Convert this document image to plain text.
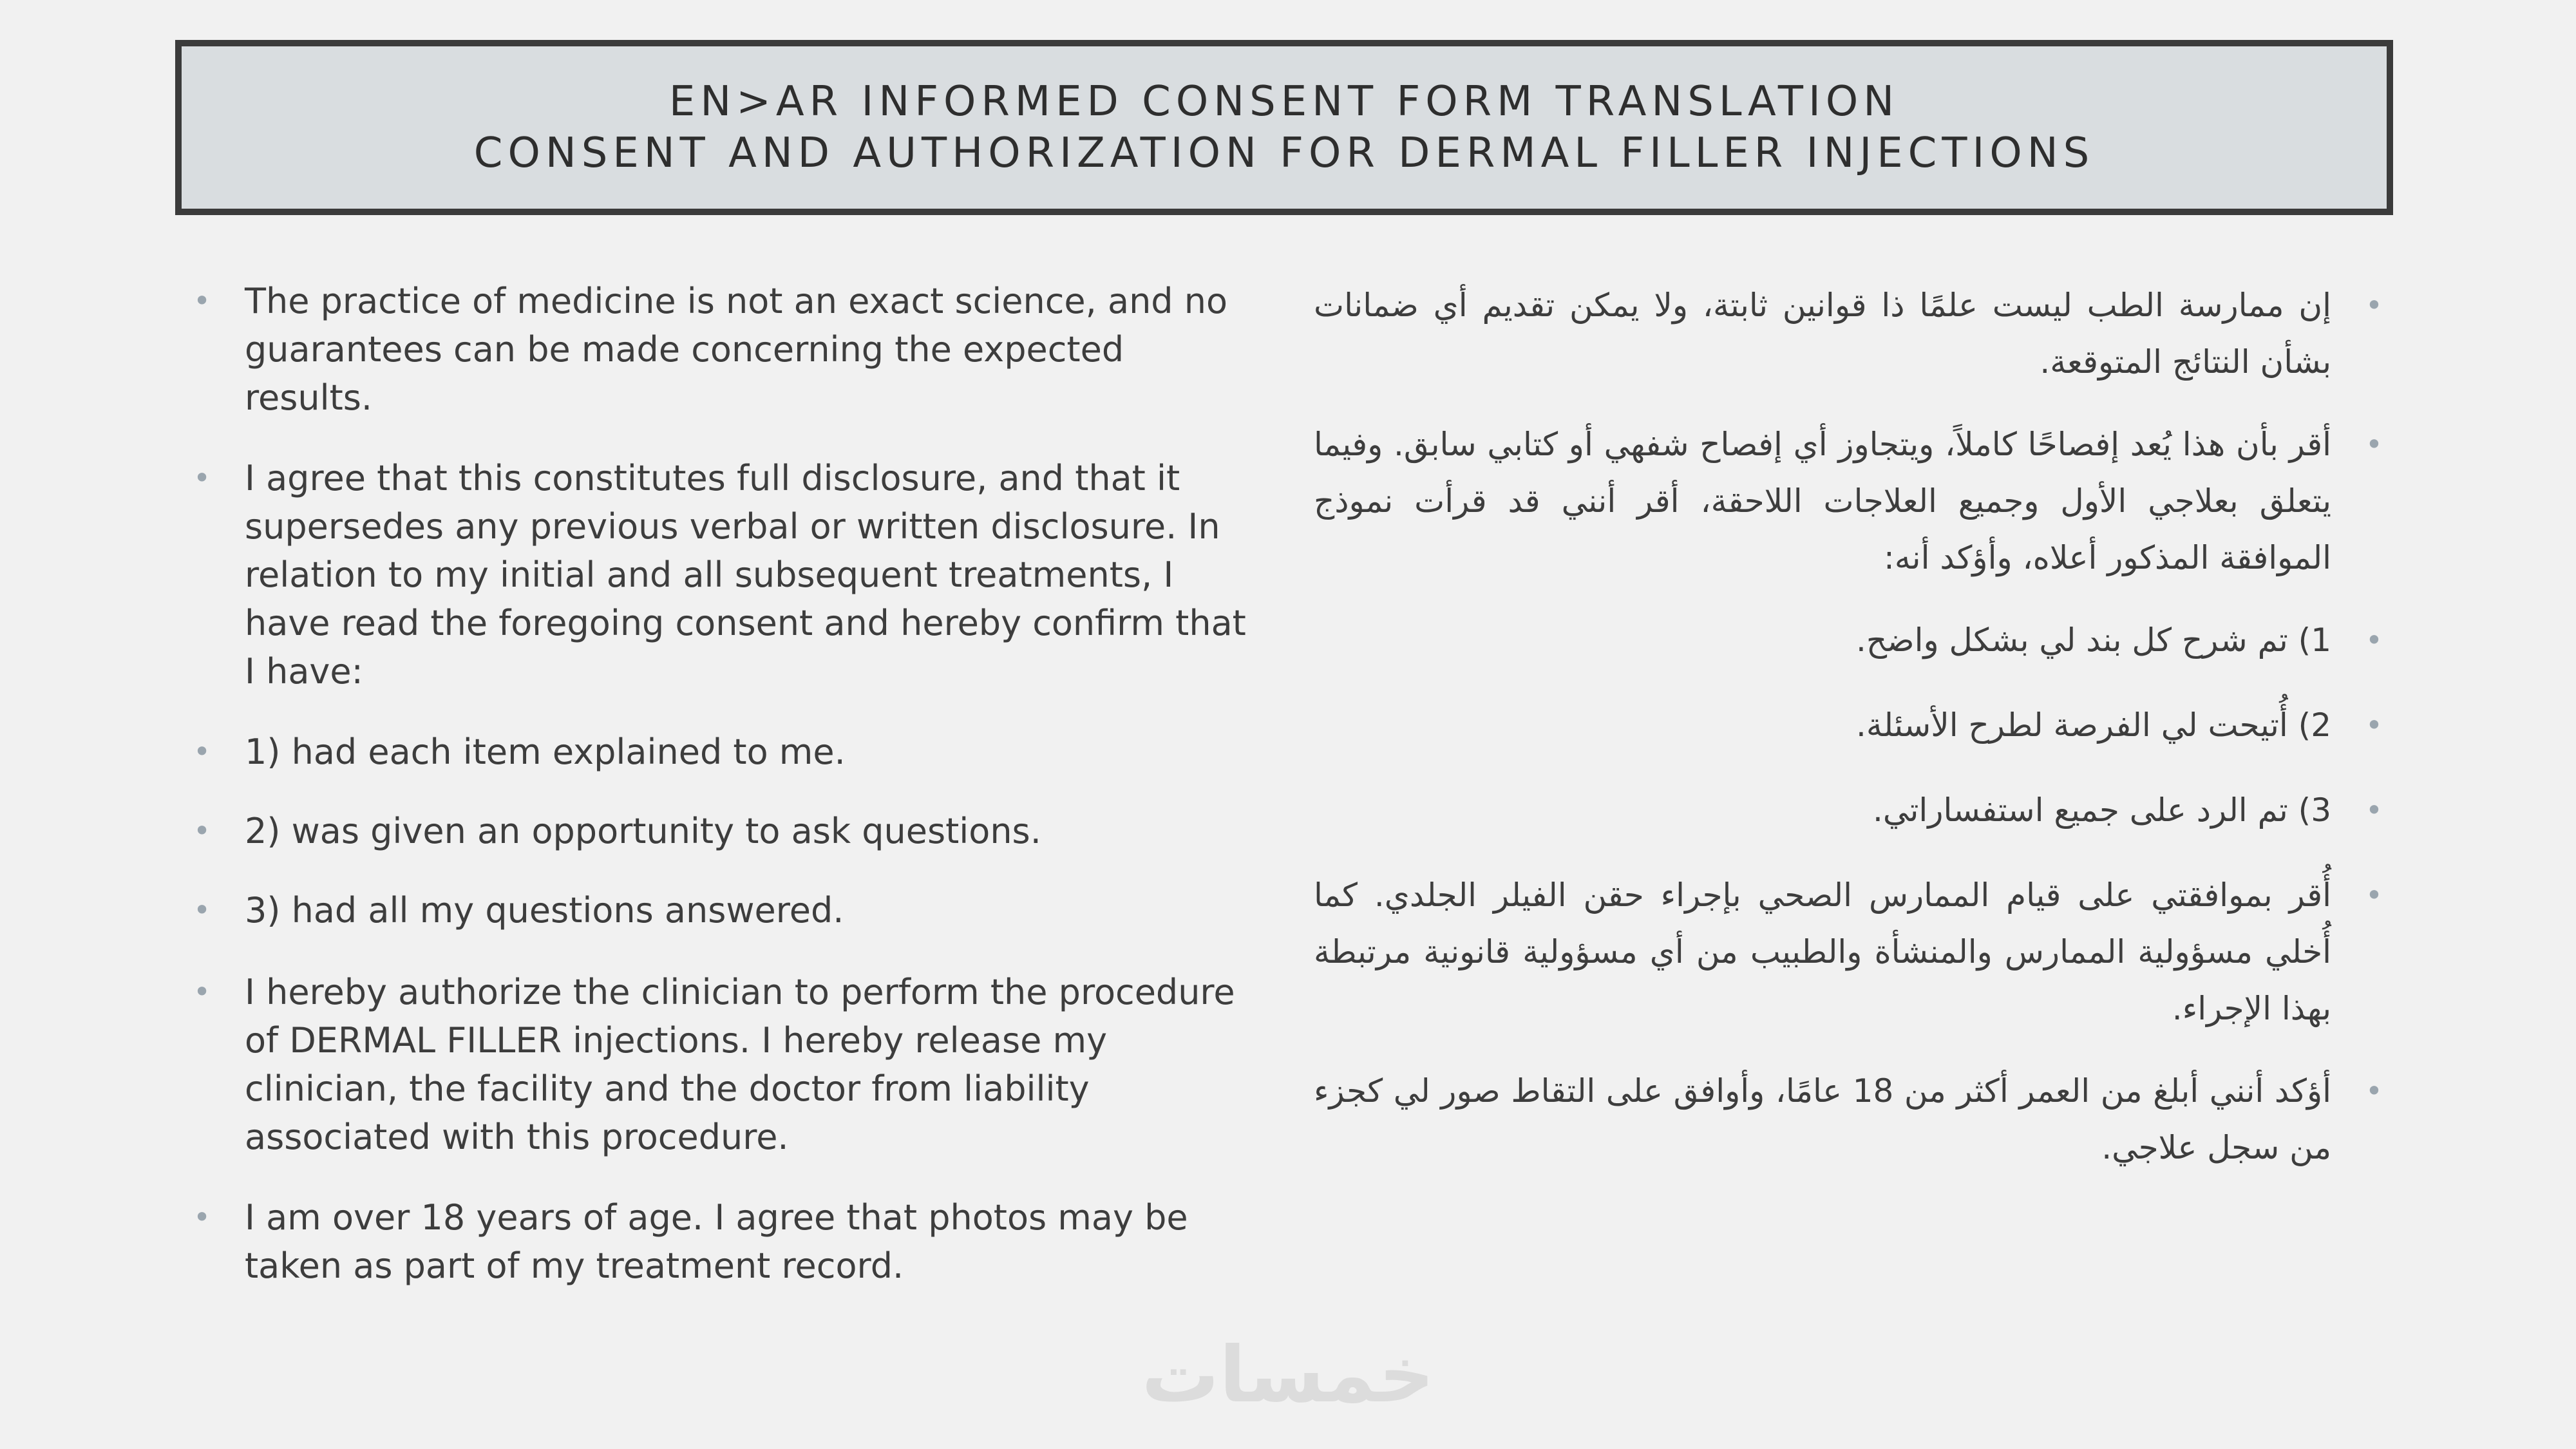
EN>AR INFORMED CONSENT FORM TRANSLATION
CONSENT AND AUTHORIZATION FOR DERMAL FILLER INJECTIONS
• The practice of medicine is not an exact science, and no guarantees can be made concerning the expected results.
• I agree that this constitutes full disclosure, and that it supersedes any previous verbal or written disclosure. In relation to my initial and all subsequent treatments, I have read the foregoing consent and hereby confirm that I have:
• 1) had each item explained to me.
• 2) was given an opportunity to ask questions.
• 3) had all my questions answered.
• I hereby authorize the clinician to perform the procedure of DERMAL FILLER injections. I hereby release my clinician, the facility and the doctor from liability associated with this procedure.
• I am over 18 years of age. I agree that photos may be taken as part of my treatment record.
•
إن ممارسة الطب ليست علمًا ذا قوانين ثابتة، ولا يمكن تقديم أي ضمانات بشأن النتائج المتوقعة.
•
أقر بأن هذا يُعد إفصاحًا كاملاً، ويتجاوز أي إفصاح شفهي أو كتابي سابق. وفيما يتعلق بعلاجي الأول وجميع العلاجات اللاحقة، أقر أنني قد قرأت نموذج الموافقة المذكور أعلاه، وأؤكد أنه:
•
1) تم شرح كل بند لي بشكل واضح.
•
2) أُتيحت لي الفرصة لطرح الأسئلة.
•
3) تم الرد على جميع استفساراتي.
•
أُقر بموافقتي على قيام الممارس الصحي بإجراء حقن الفيلر الجلدي. كما أُخلي مسؤولية الممارس والمنشأة والطبيب من أي مسؤولية قانونية مرتبطة بهذا الإجراء.
•
أؤكد أنني أبلغ من العمر أكثر من 18 عامًا، وأوافق على التقاط صور لي كجزء من سجل علاجي.
خمسات
